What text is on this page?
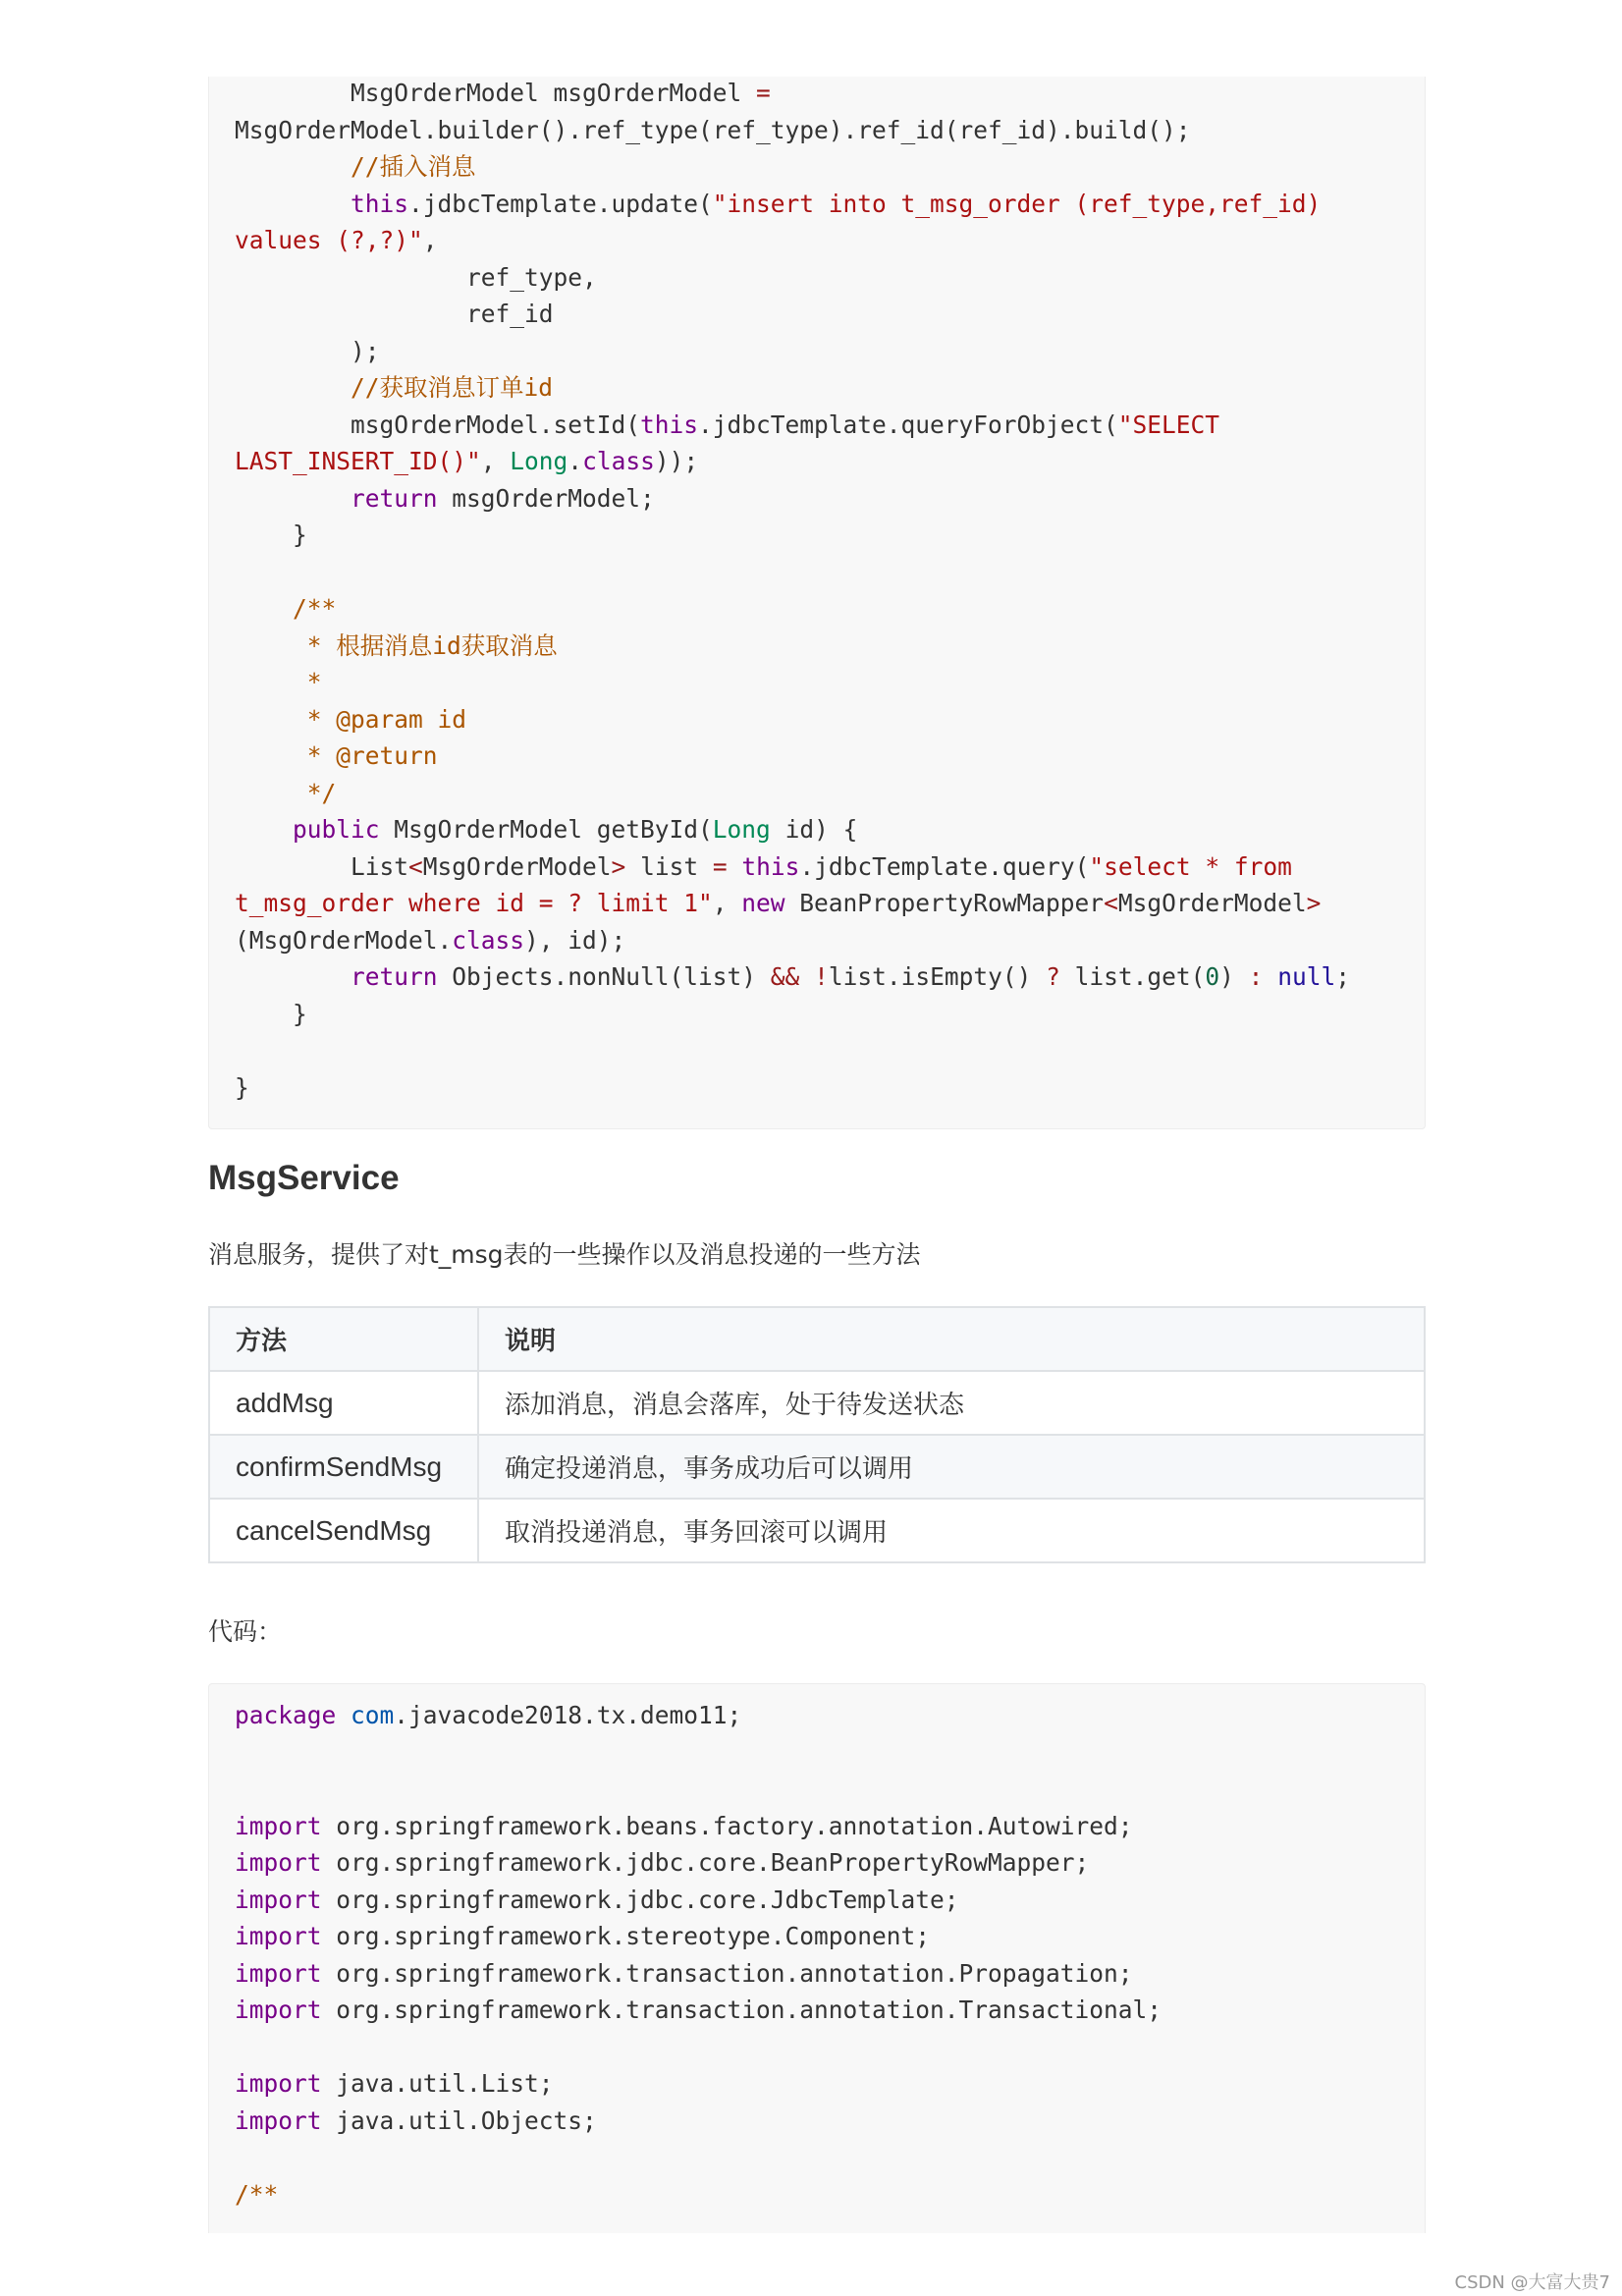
MsgOrderModel msgOrderModel =
MsgOrderModel.builder().ref_type(ref_type).ref_id(ref_id).build();
//插入消息
this.jdbcTemplate.update("insert into t_msg_order (ref_type,ref_id)
values (?,?)",
ref_type,
ref_id
);
//获取消息订单id
msgOrderModel.setId(this.jdbcTemplate.queryForObject("SELECT
LAST_INSERT_ID()", Long.class));
return msgOrderModel;
}
/**
* 根据消息id获取消息
*
* @param id
* @return
*/
public MsgOrderModel getById(Long id) {
List<MsgOrderModel> list = this.jdbcTemplate.query("select * from
t_msg_order where id = ? limit 1", new BeanPropertyRowMapper<MsgOrderModel>
(MsgOrderModel.class), id);
return Objects.nonNull(list) && !list.isEmpty() ? list.get(0) : null;
}
}
MsgService

消息服务，提供了对t_msg表的一些操作以及消息投递的一些方法

方法	说明
addMsg	添加消息，消息会落库，处于待发送状态
confirmSendMsg	确定投递消息，事务成功后可以调用
cancelSendMsg	取消投递消息，事务回滚可以调用

代码：

package com.javacode2018.tx.demo11;
import org.springframework.beans.factory.annotation.Autowired;
import org.springframework.jdbc.core.BeanPropertyRowMapper;
import org.springframework.jdbc.core.JdbcTemplate;
import org.springframework.stereotype.Component;
import org.springframework.transaction.annotation.Propagation;
import org.springframework.transaction.annotation.Transactional;
import java.util.List;
import java.util.Objects;
/**
CSDN @大富大贵7
